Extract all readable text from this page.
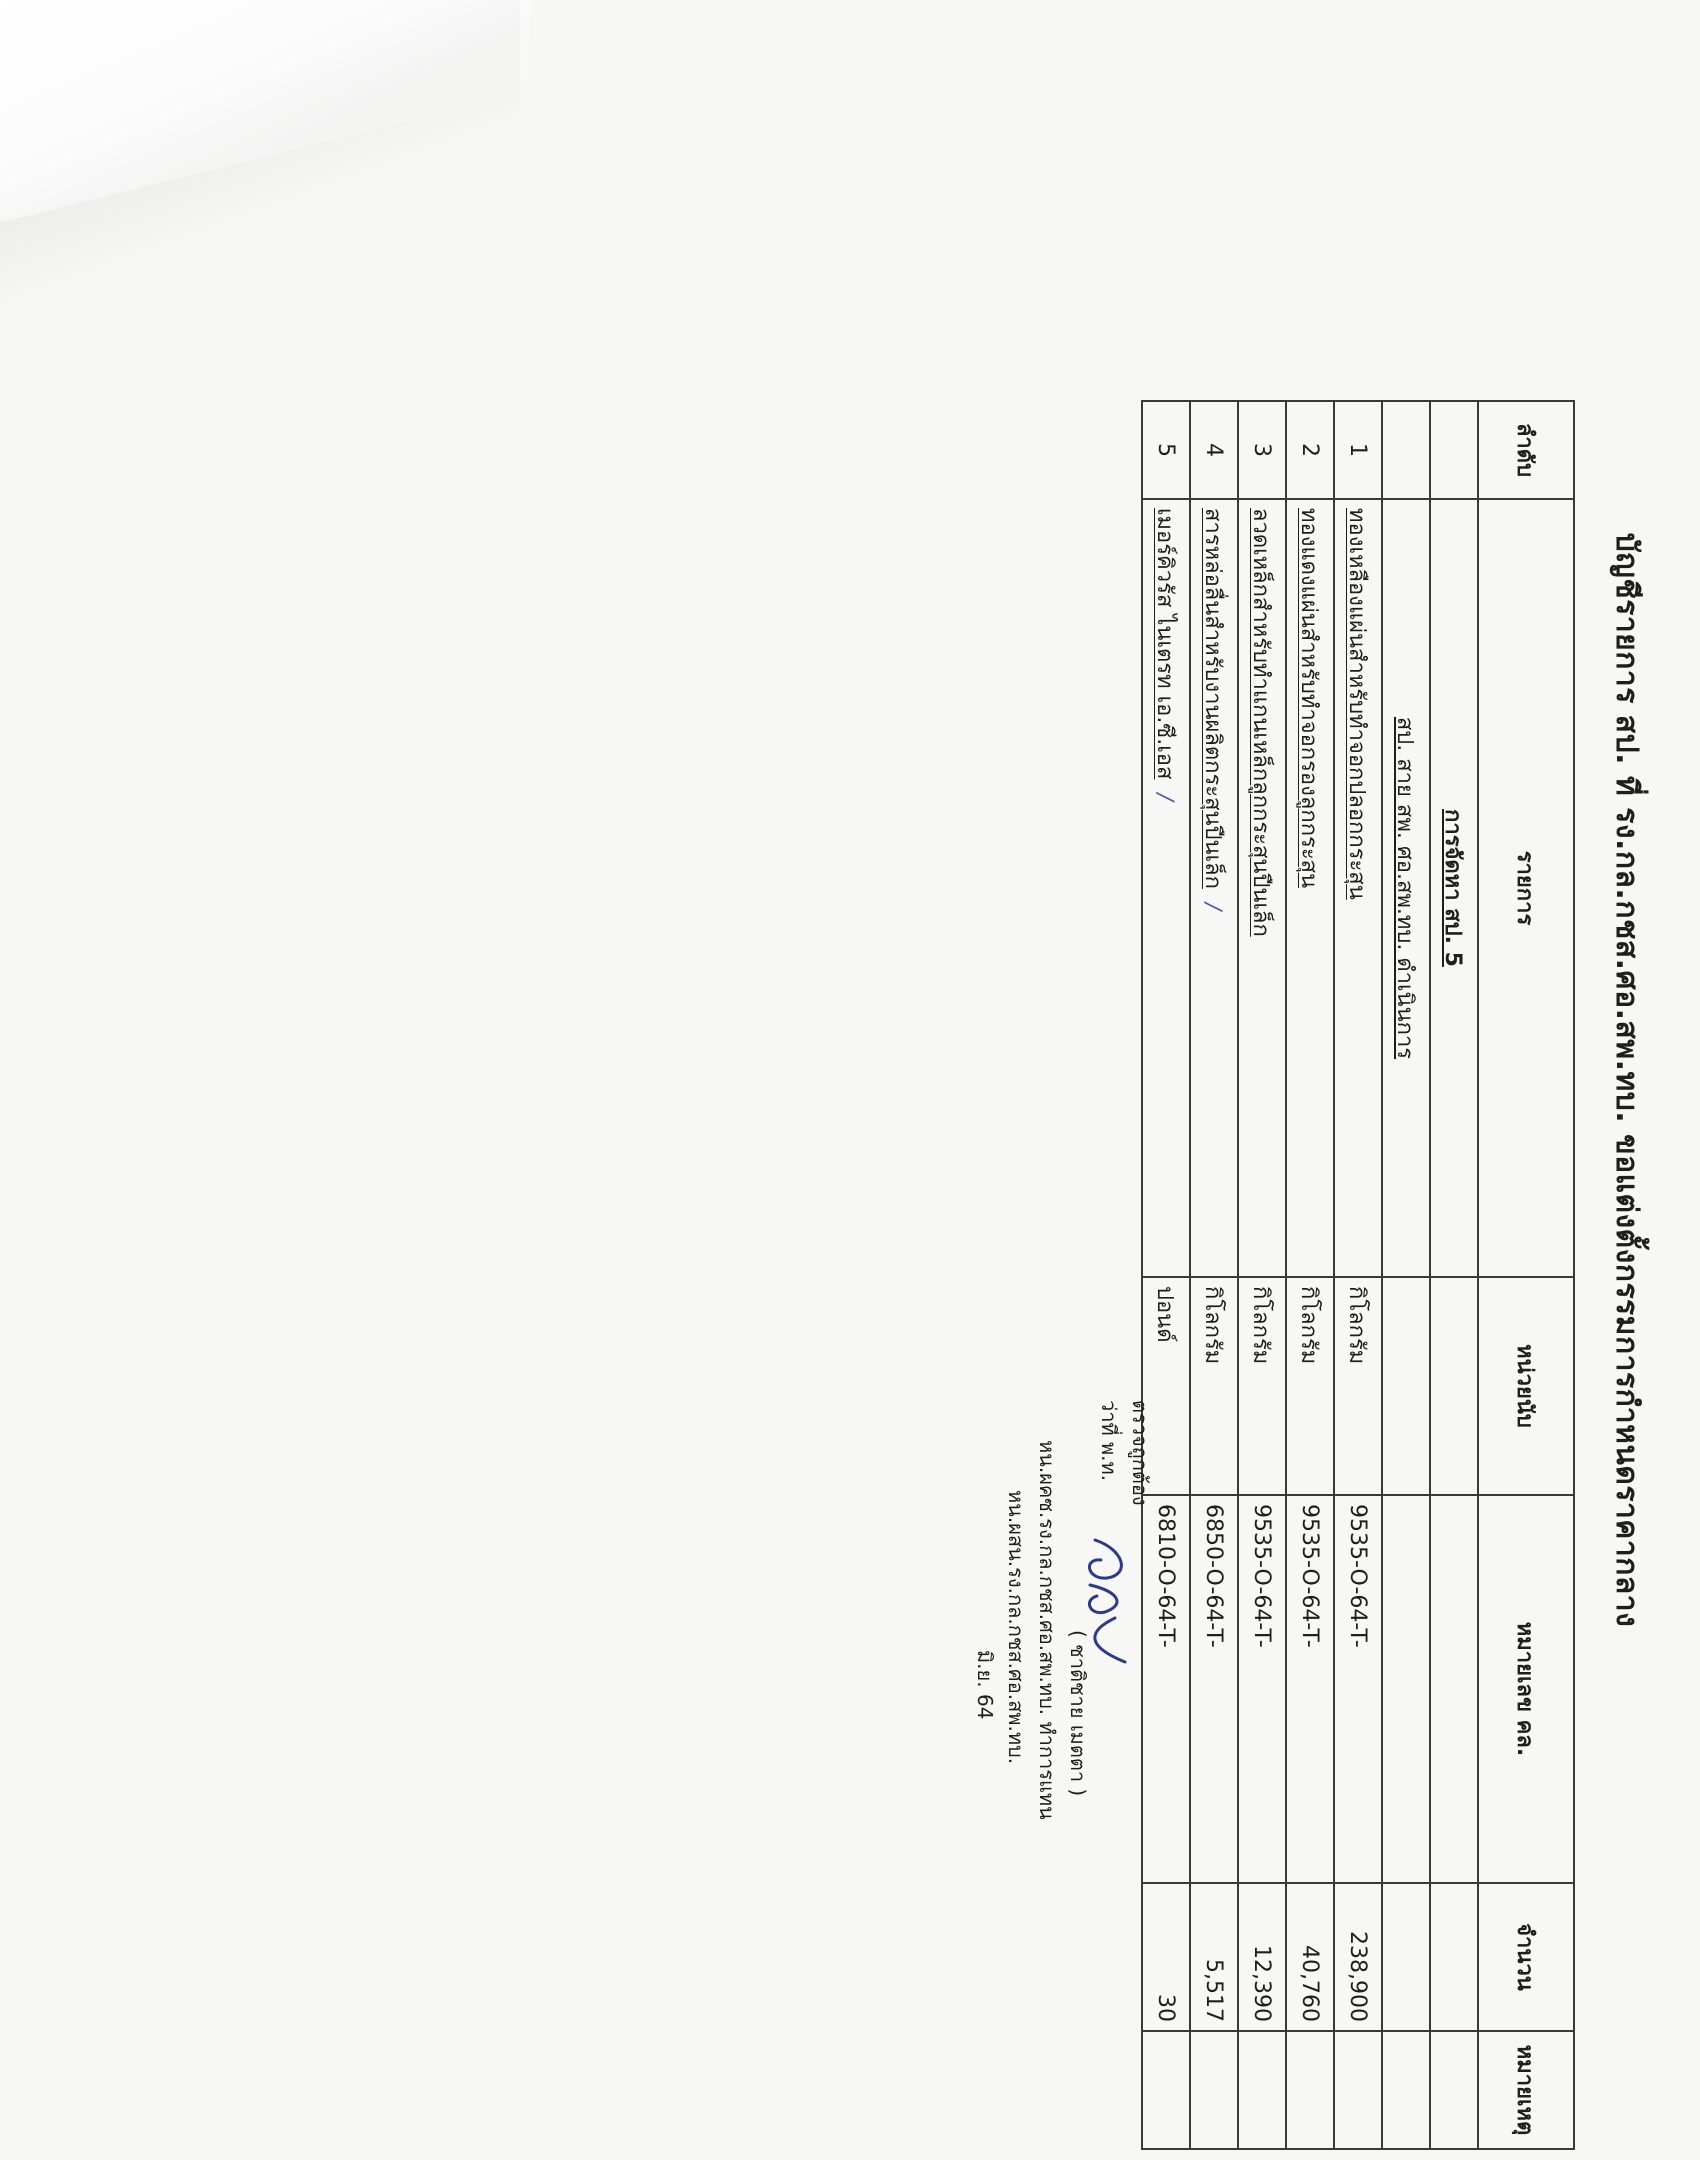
บัญชีรายการ สป. ที่ รง.กล.กชส.ศอ.สพ.ทบ. ขอแต่งตั้งกรรมการกำหนดราคากลาง
ลำดับ	รายการ	หน่วยนับ	หมายเลข คล.	จำนวน	หมายเหตุ
	การจัดหา สป. 5				
	สป. สาย สพ. ศอ.สพ.ทบ. ดำเนินการ				
1	ทองเหลืองแผ่นสำหรับทำจอกปลอกกระสุน	กิโลกรัม	9535-O-64-T-	238,900	
2	ทองแดงแผ่นสำหรับทำจอกรองลูกกระสุน	กิโลกรัม	9535-O-64-T-	40,760	
3	ลวดเหล็กสำหรับทำแกนเหล็กลูกกระสุนปืนเล็ก	กิโลกรัม	9535-O-64-T-	12,390	
4	สารหล่อลื่นสำหรับงานผลิตกระสุนปืนเล็ก/	กิโลกรัม	6850-O-64-T-	5,517	
5	เมอร์คิวรัส ไนเตรท เอ.ซี.เอส/	ปอนด์	6810-O-64-T-	30	
ตรวจถูกต้อง
ว่าที่ พ.ท.
( ชาติชาย เมตตา )
หน.ผคซ.รง.กล.กชส.ศอ.สพ.ทบ. ทำการแทน
หน.ผสน.รง.กล.กชส.ศอ.สพ.ทบ.
มิ.ย. 64
